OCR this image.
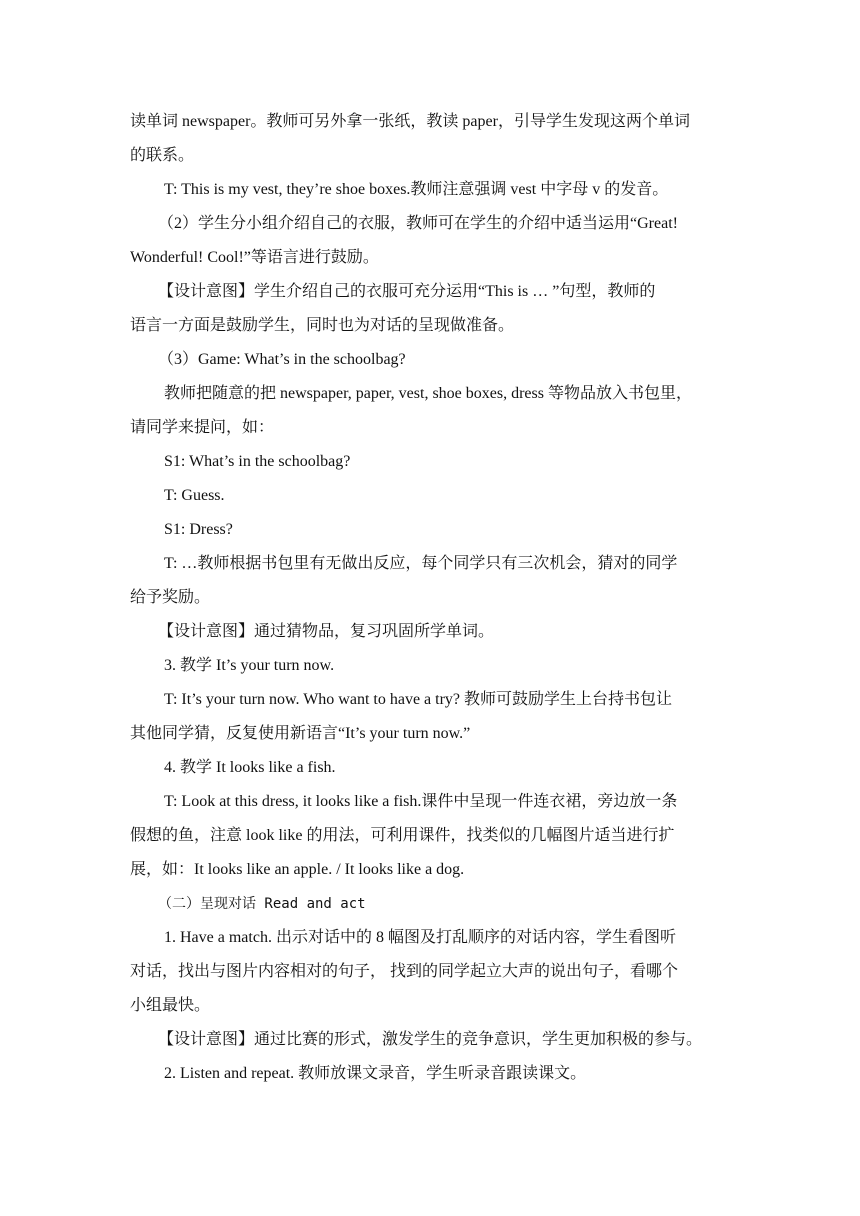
读单词 newspaper。教师可另外拿一张纸，教读 paper，引导学生发现这两个单词
的联系。
T: This is my vest, they’re shoe boxes.教师注意强调 vest 中字母 v 的发音。
（2）学生分小组介绍自己的衣服，教师可在学生的介绍中适当运用“Great!
Wonderful! Cool!”等语言进行鼓励。
【设计意图】学生介绍自己的衣服可充分运用“This is … ”句型，教师的
语言一方面是鼓励学生，同时也为对话的呈现做准备。
（3）Game: What’s in the schoolbag?
教师把随意的把 newspaper, paper, vest, shoe boxes, dress 等物品放入书包里，
请同学来提问，如：
S1: What’s in the schoolbag?
T: Guess.
S1: Dress?
T: …教师根据书包里有无做出反应，每个同学只有三次机会，猜对的同学
给予奖励。
【设计意图】通过猜物品，复习巩固所学单词。
3. 教学 It’s your turn now.
T: It’s your turn now. Who want to have a try? 教师可鼓励学生上台持书包让
其他同学猜，反复使用新语言“It’s your turn now.”
4. 教学 It looks like a fish.
T: Look at this dress, it looks like a fish.课件中呈现一件连衣裙，旁边放一条
假想的鱼，注意 look like 的用法，可利用课件，找类似的几幅图片适当进行扩
展，如：It looks like an apple. / It looks like a dog.
（二）呈现对话 Read and act
1. Have a match. 出示对话中的 8 幅图及打乱顺序的对话内容，学生看图听
对话，找出与图片内容相对的句子， 找到的同学起立大声的说出句子，看哪个
小组最快。
【设计意图】通过比赛的形式，激发学生的竞争意识，学生更加积极的参与。
2. Listen and repeat. 教师放课文录音，学生听录音跟读课文。
